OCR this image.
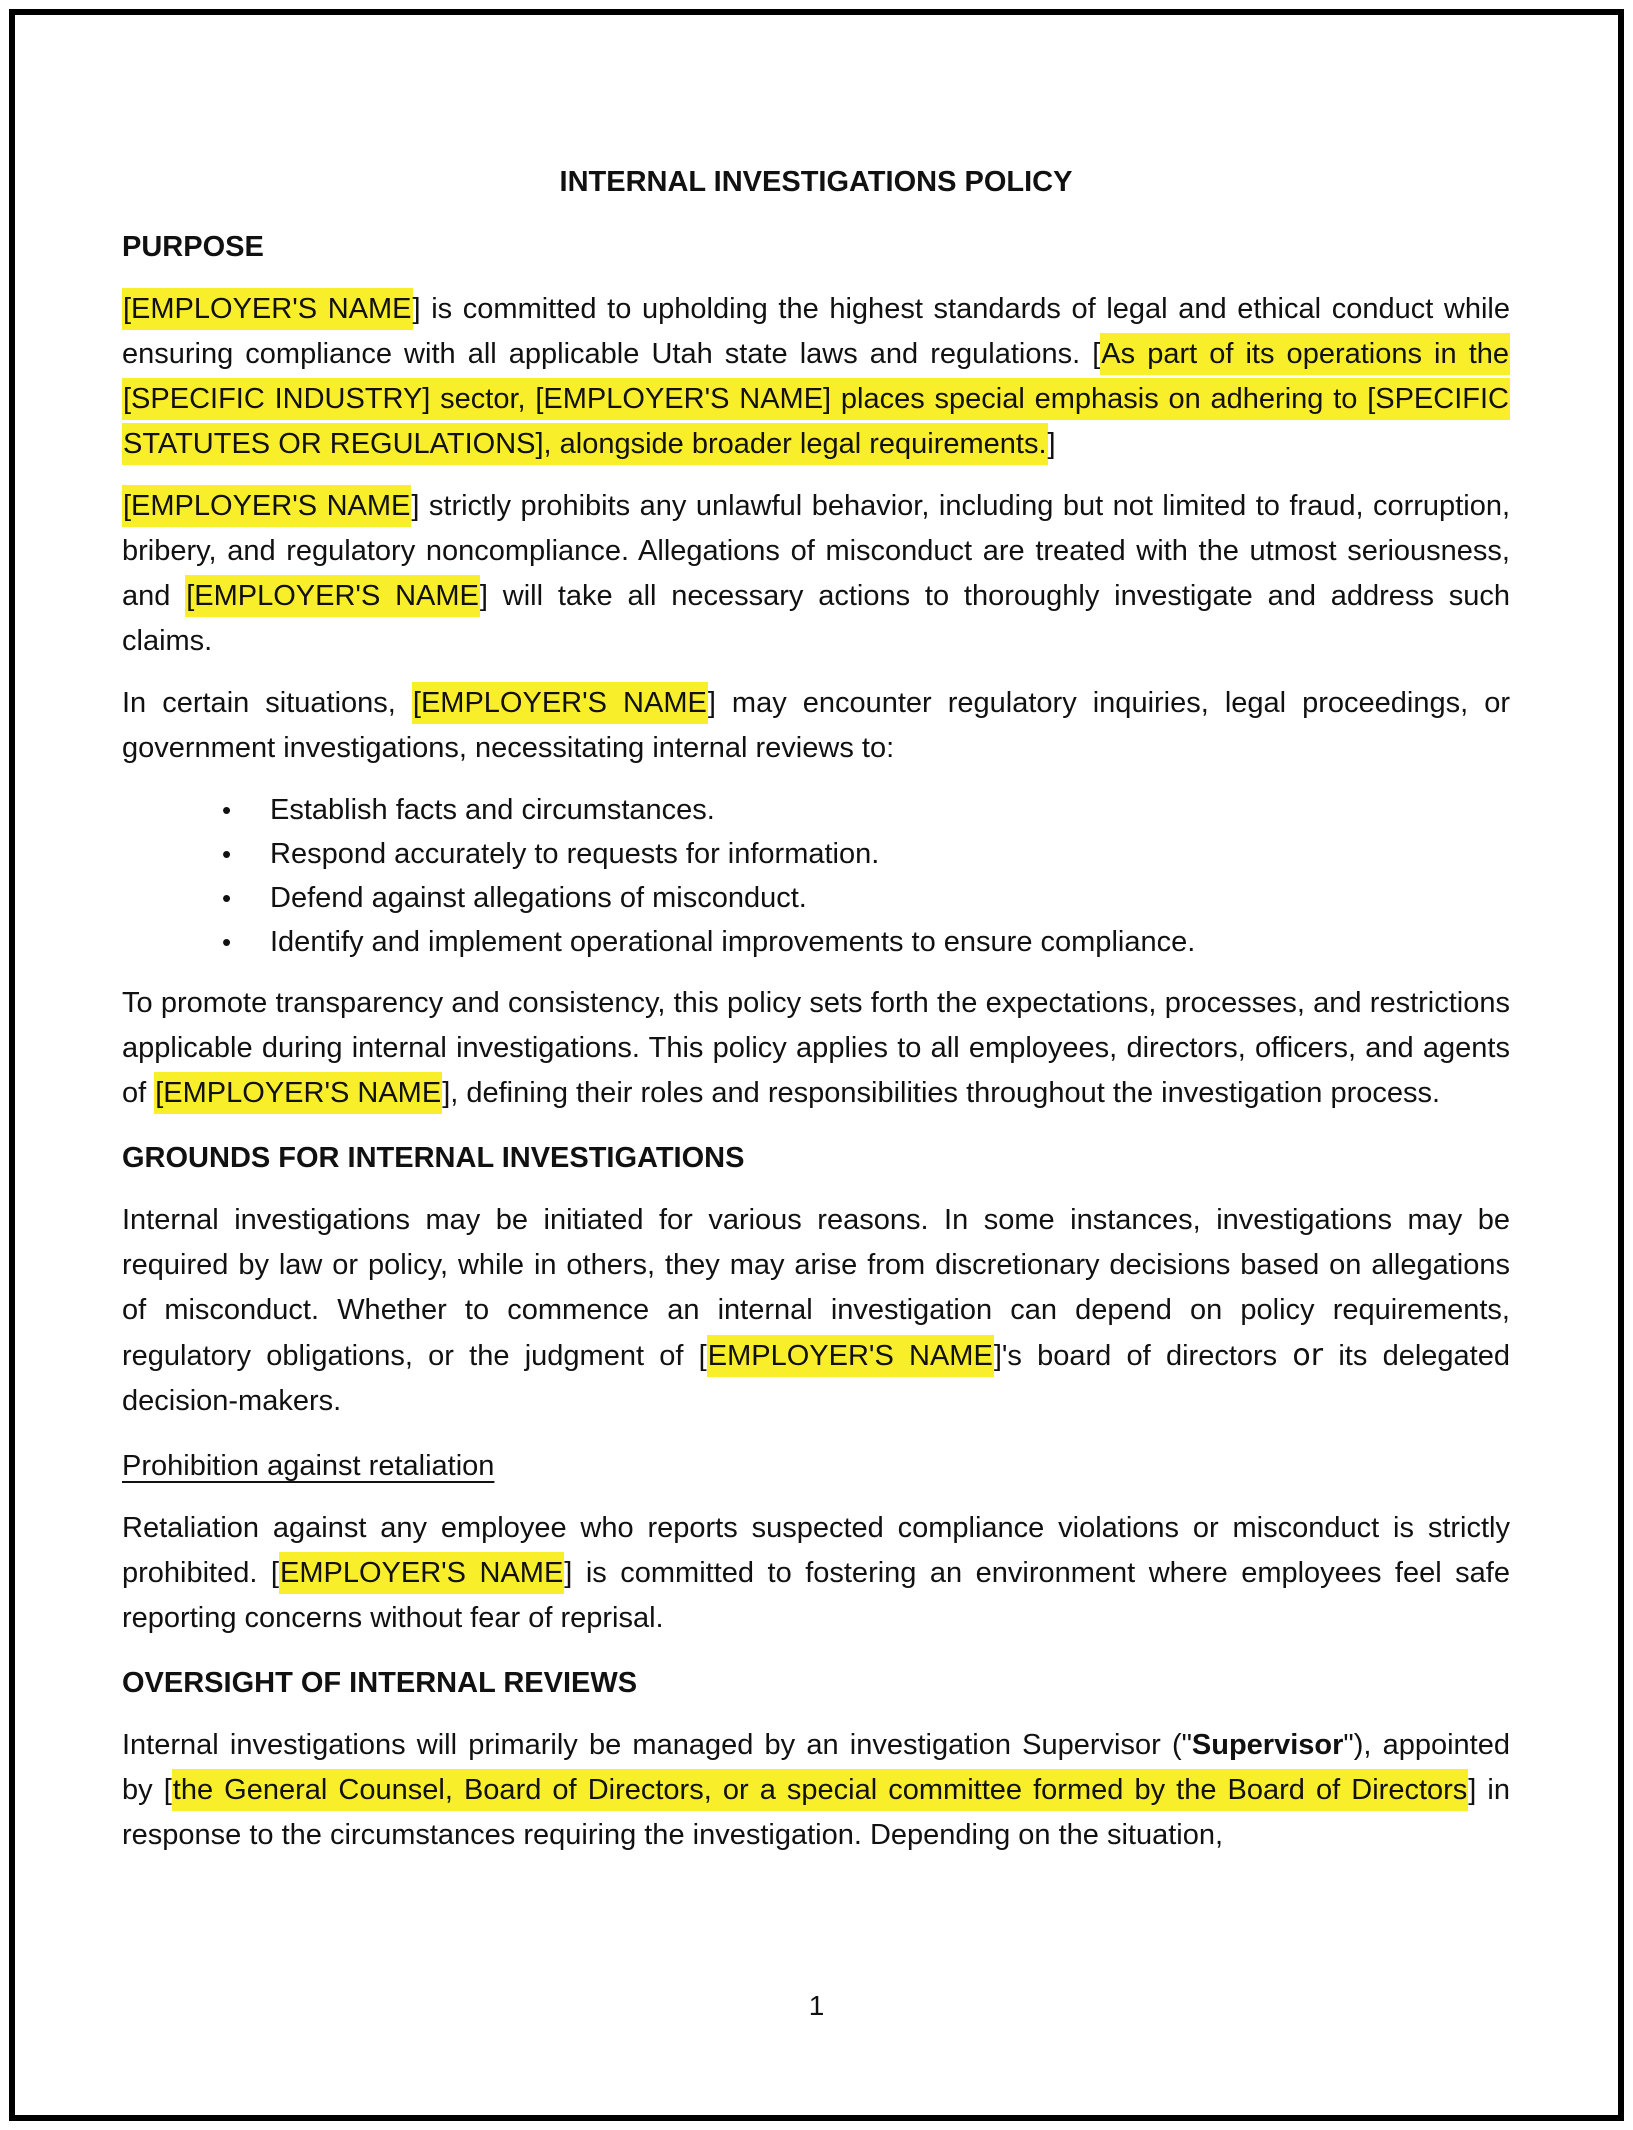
INTERNAL INVESTIGATIONS POLICY

PURPOSE

[EMPLOYER'S NAME] is committed to upholding the highest standards of legal and ethical conduct while ensuring compliance with all applicable Utah state laws and regulations. [As part of its operations in the [SPECIFIC INDUSTRY] sector, [EMPLOYER'S NAME] places special emphasis on adhering to [SPECIFIC STATUTES OR REGULATIONS], alongside broader legal requirements.]

[EMPLOYER'S NAME] strictly prohibits any unlawful behavior, including but not limited to fraud, corruption, bribery, and regulatory noncompliance. Allegations of misconduct are treated with the utmost seriousness, and [EMPLOYER'S NAME] will take all necessary actions to thoroughly investigate and address such claims.

In certain situations, [EMPLOYER'S NAME] may encounter regulatory inquiries, legal proceedings, or government investigations, necessitating internal reviews to:

•	Establish facts and circumstances.
•	Respond accurately to requests for information.
•	Defend against allegations of misconduct.
•	Identify and implement operational improvements to ensure compliance.

To promote transparency and consistency, this policy sets forth the expectations, processes, and restrictions applicable during internal investigations. This policy applies to all employees, directors, officers, and agents of [EMPLOYER'S NAME], defining their roles and responsibilities throughout the investigation process.

GROUNDS FOR INTERNAL INVESTIGATIONS

Internal investigations may be initiated for various reasons. In some instances, investigations may be required by law or policy, while in others, they may arise from discretionary decisions based on allegations of misconduct. Whether to commence an internal investigation can depend on policy requirements, regulatory obligations, or the judgment of [EMPLOYER'S NAME]'s board of directors or its delegated decision-makers.

Prohibition against retaliation

Retaliation against any employee who reports suspected compliance violations or misconduct is strictly prohibited. [EMPLOYER'S NAME] is committed to fostering an environment where employees feel safe reporting concerns without fear of reprisal.

OVERSIGHT OF INTERNAL REVIEWS

Internal investigations will primarily be managed by an investigation Supervisor ("Supervisor"), appointed by [the General Counsel, Board of Directors, or a special committee formed by the Board of Directors] in response to the circumstances requiring the investigation. Depending on the situation,

1
